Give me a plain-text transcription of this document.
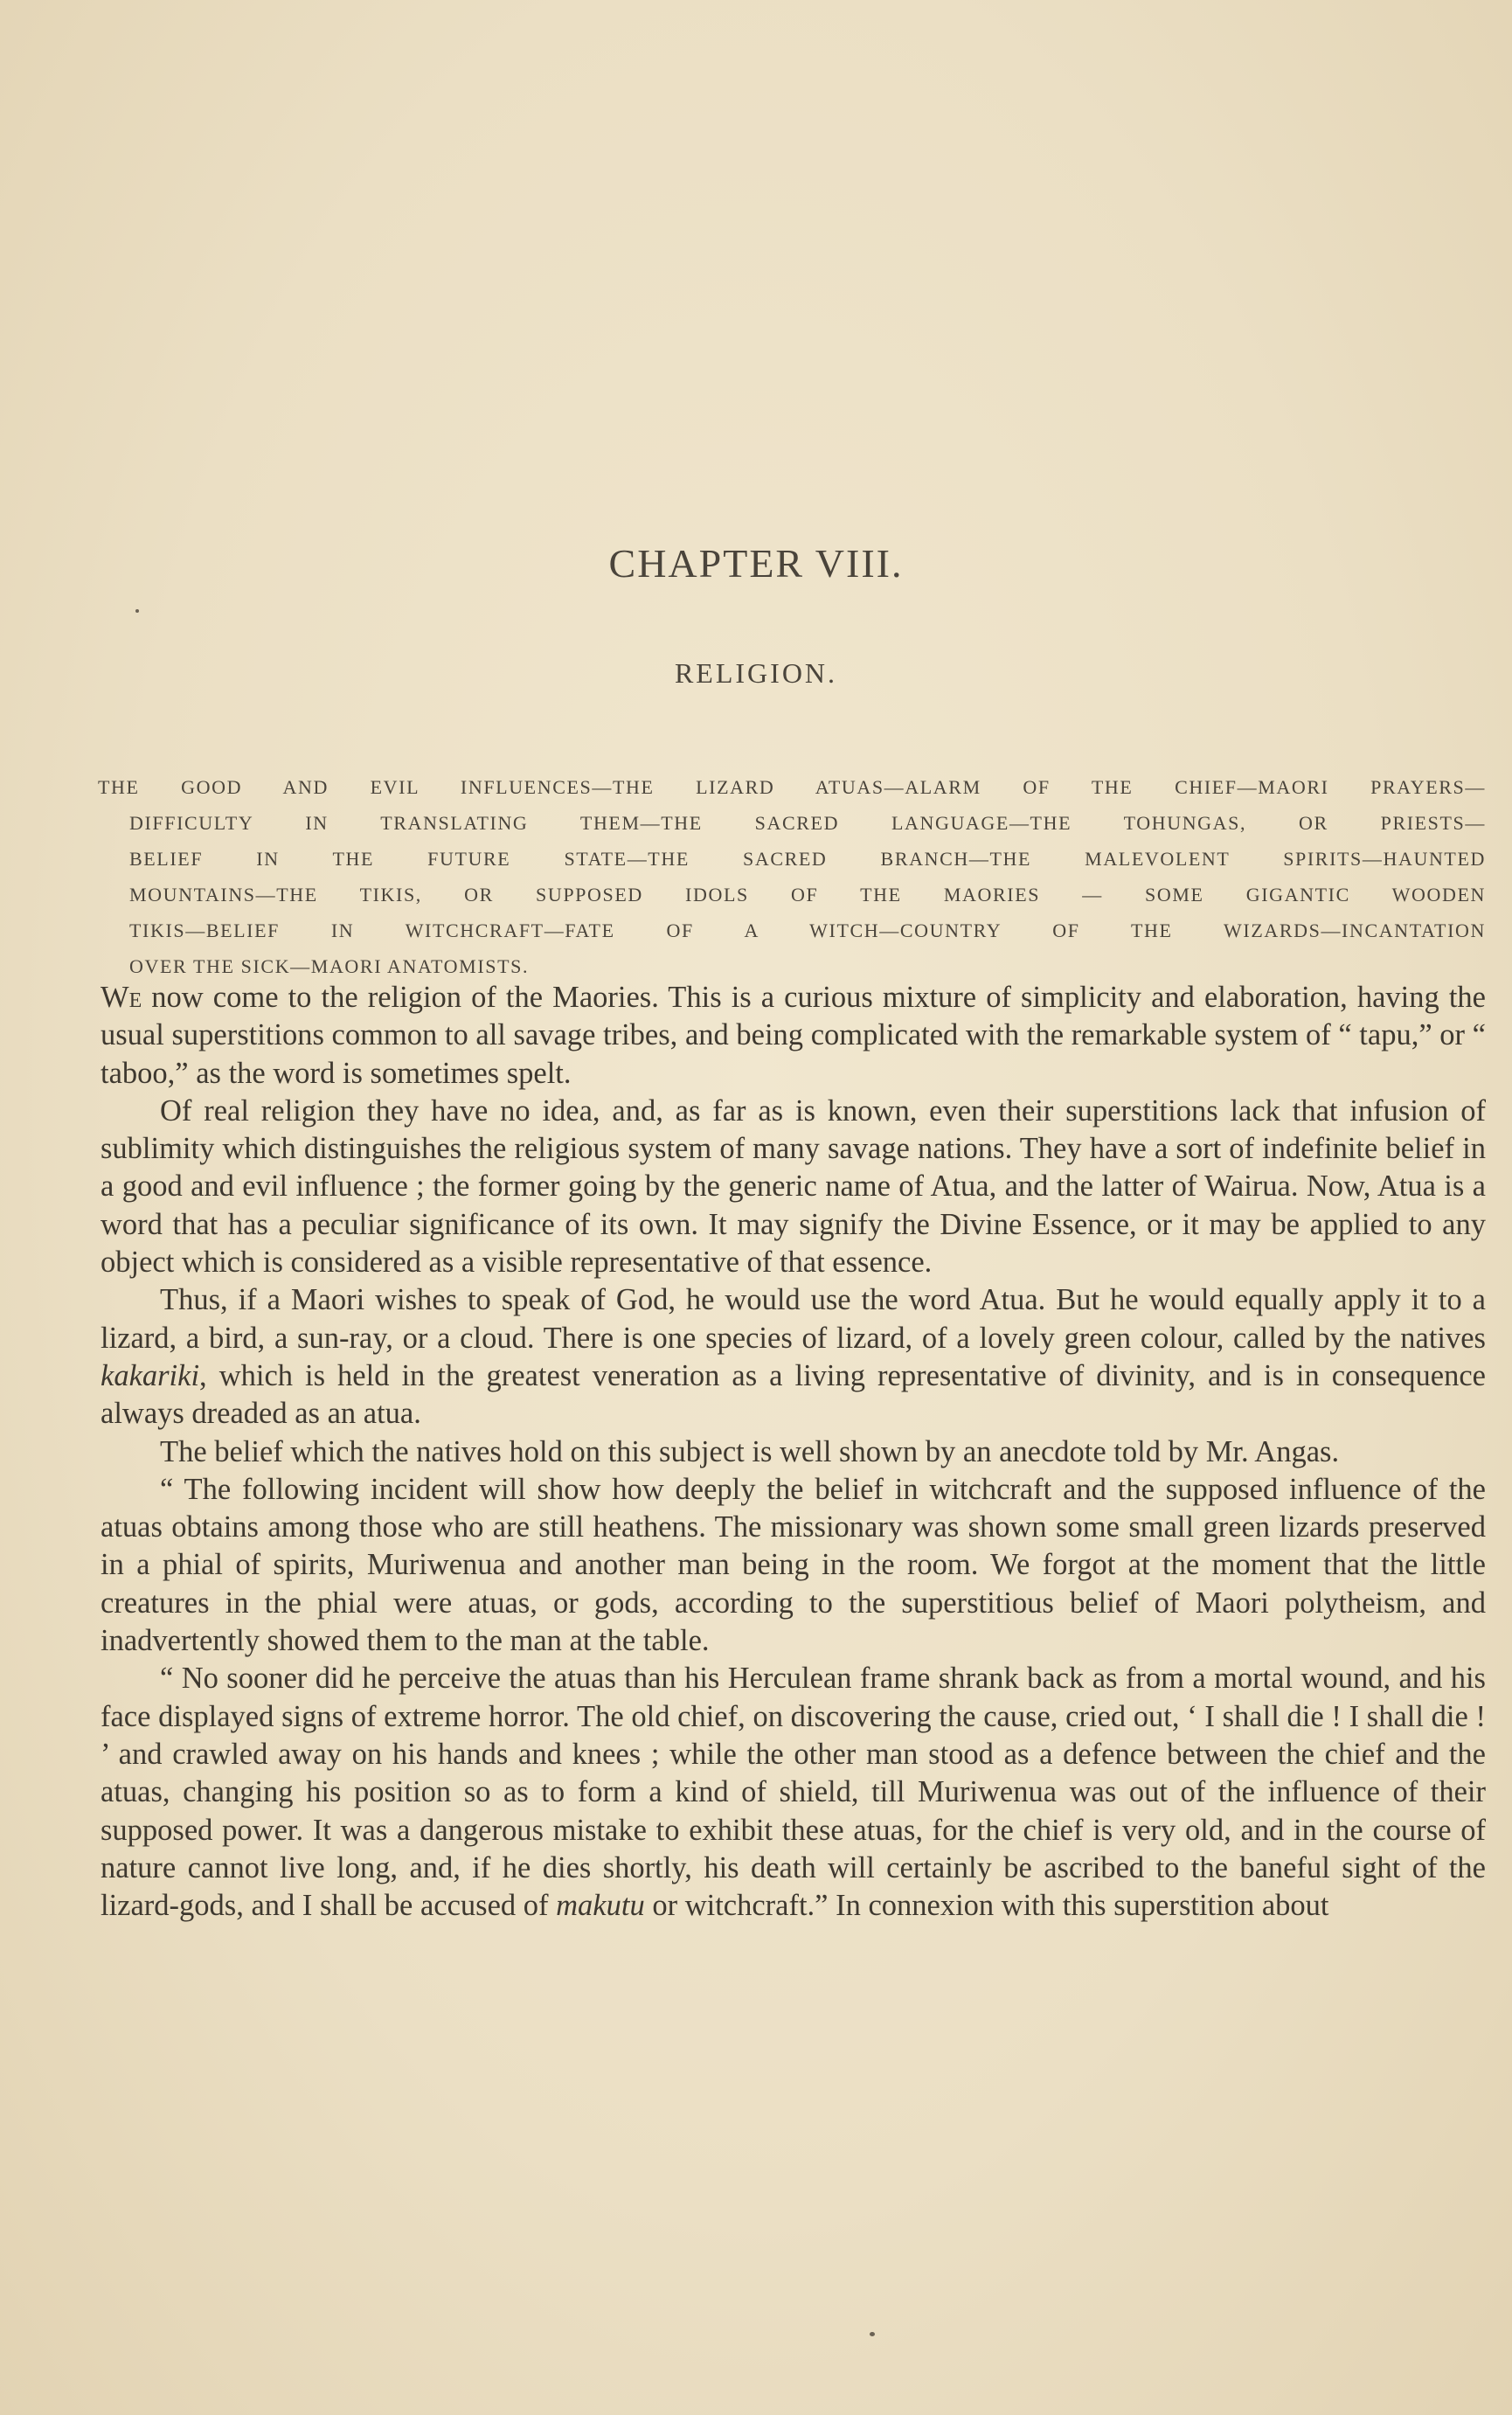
CHAPTER VIII.
RELIGION.
THE GOOD AND EVIL INFLUENCES—THE LIZARD ATUAS—ALARM OF THE CHIEF—MAORI PRAYERS—
DIFFICULTY IN TRANSLATING THEM—THE SACRED LANGUAGE—THE TOHUNGAS, OR PRIESTS—
BELIEF IN THE FUTURE STATE—THE SACRED BRANCH—THE MALEVOLENT SPIRITS—HAUNTED
MOUNTAINS—THE TIKIS, OR SUPPOSED IDOLS OF THE MAORIES — SOME GIGANTIC WOODEN
TIKIS—BELIEF IN WITCHCRAFT—FATE OF A WITCH—COUNTRY OF THE WIZARDS—INCANTATION
OVER THE SICK—MAORI ANATOMISTS.

We now come to the religion of the Maories. This is a curious mixture of simplicity and elaboration, having the usual superstitions common to all savage tribes, and being complicated with the remarkable system of “ tapu,” or “ taboo,” as the word is sometimes spelt.

Of real religion they have no idea, and, as far as is known, even their superstitions lack that infusion of sublimity which distinguishes the religious system of many savage nations. They have a sort of indefinite belief in a good and evil influence ; the former going by the generic name of Atua, and the latter of Wairua. Now, Atua is a word that has a peculiar significance of its own. It may signify the Divine Essence, or it may be applied to any object which is considered as a visible representative of that essence.

Thus, if a Maori wishes to speak of God, he would use the word Atua. But he would equally apply it to a lizard, a bird, a sun-ray, or a cloud. There is one species of lizard, of a lovely green colour, called by the natives kakariki, which is held in the greatest veneration as a living representative of divinity, and is in consequence always dreaded as an atua.

The belief which the natives hold on this subject is well shown by an anecdote told by Mr. Angas.

“ The following incident will show how deeply the belief in witchcraft and the supposed influence of the atuas obtains among those who are still heathens. The missionary was shown some small green lizards preserved in a phial of spirits, Muriwenua and another man being in the room. We forgot at the moment that the little creatures in the phial were atuas, or gods, according to the superstitious belief of Maori polytheism, and inadvertently showed them to the man at the table.

“ No sooner did he perceive the atuas than his Herculean frame shrank back as from a mortal wound, and his face displayed signs of extreme horror. The old chief, on discovering the cause, cried out, ‘ I shall die ! I shall die ! ’ and crawled away on his hands and knees ; while the other man stood as a defence between the chief and the atuas, changing his position so as to form a kind of shield, till Muriwenua was out of the influence of their supposed power. It was a dangerous mistake to exhibit these atuas, for the chief is very old, and in the course of nature cannot live long, and, if he dies shortly, his death will certainly be ascribed to the baneful sight of the lizard-gods, and I shall be accused of makutu or witchcraft.” In connexion with this superstition about
